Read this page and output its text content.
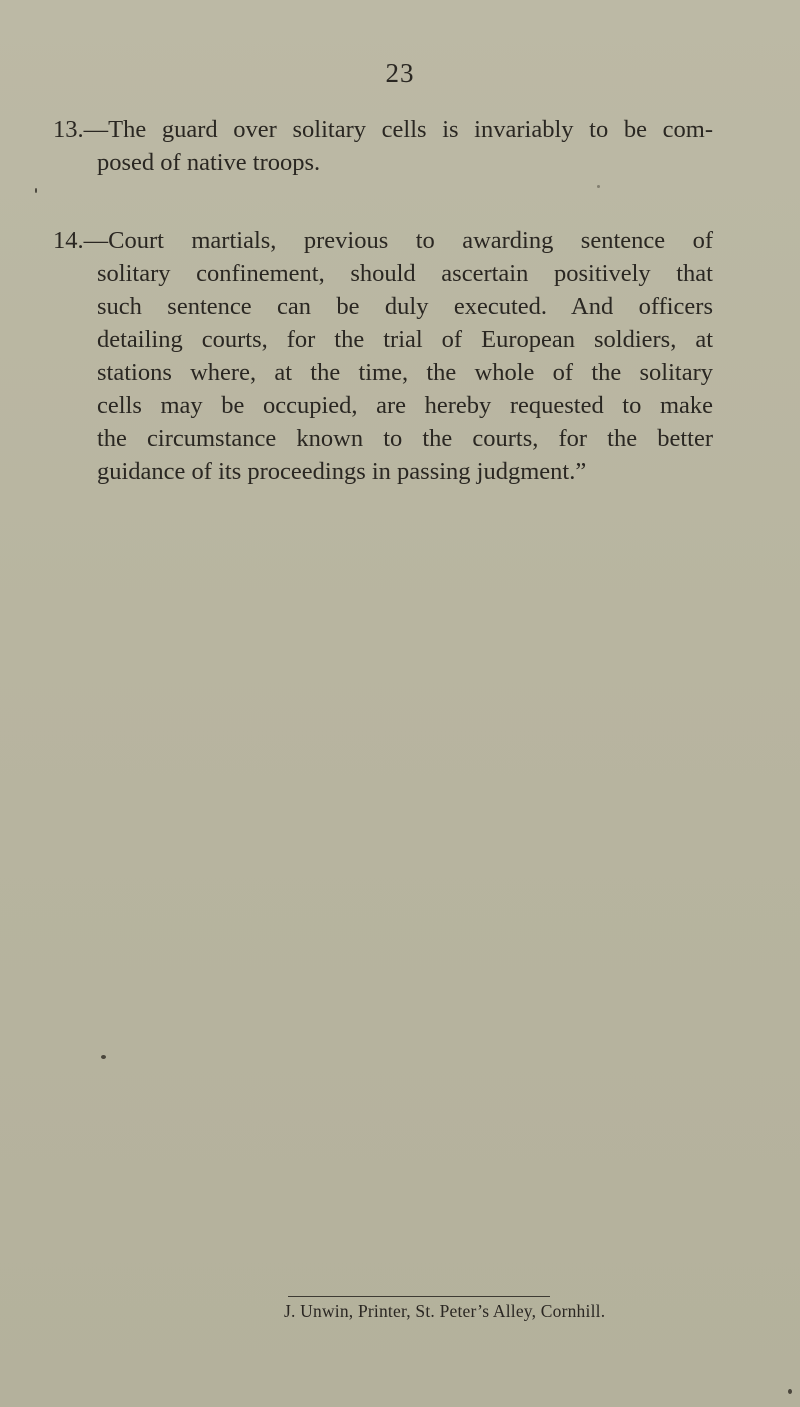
23
13.—The guard over solitary cells is invariably to be com-
posed of native troops.
14.—Court martials, previous to awarding sentence of
solitary confinement, should ascertain positively that
such sentence can be duly executed. And officers
detailing courts, for the trial of European soldiers, at
stations where, at the time, the whole of the solitary
cells may be occupied, are hereby requested to make
the circumstance known to the courts, for the better
guidance of its proceedings in passing judgment.”
J. Unwin, Printer, St. Peter’s Alley, Cornhill.
